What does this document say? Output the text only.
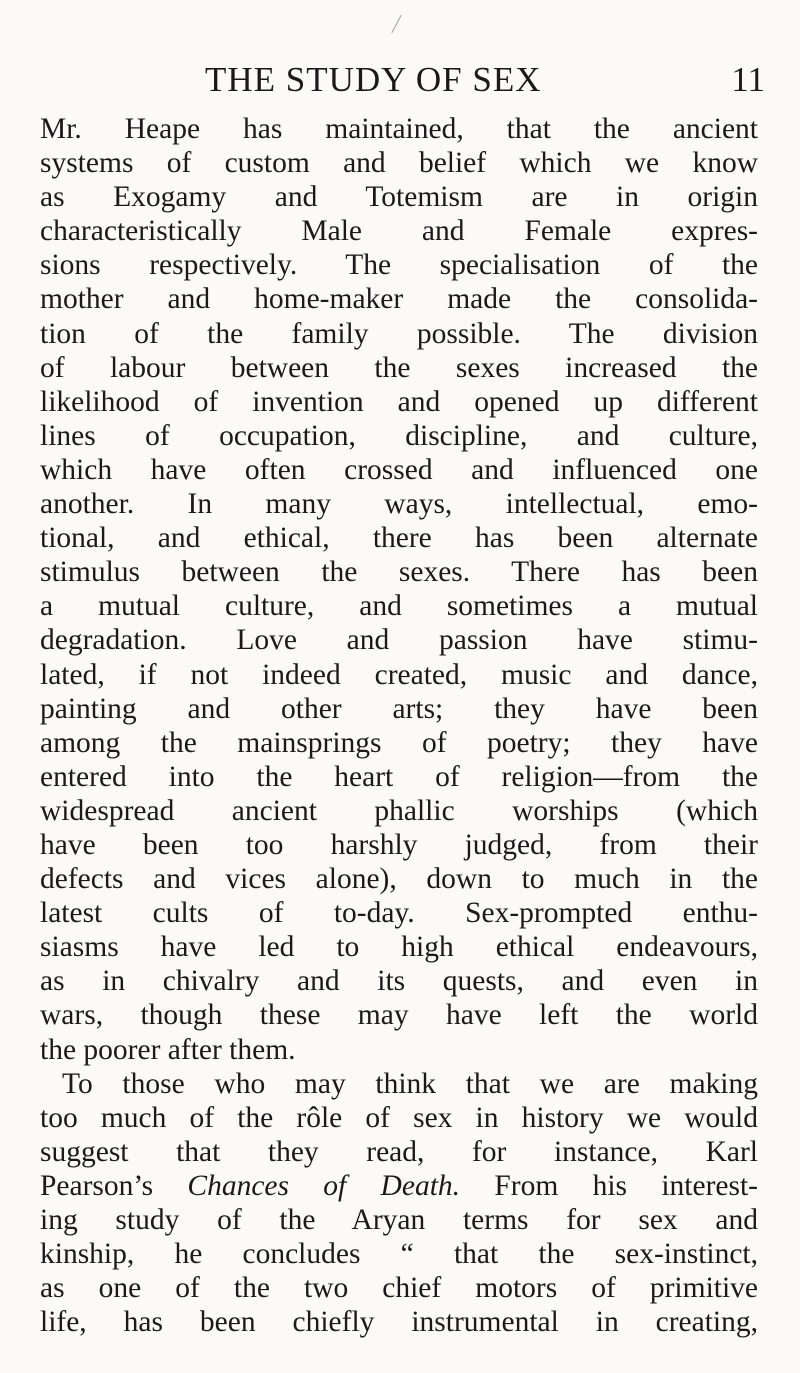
THE STUDY OF SEX	11
Mr. Heape has maintained, that the ancient
systems of custom and belief which we know
as Exogamy and Totemism are in origin
characteristically Male and Female expres-
sions respectively. The specialisation of the
mother and home-maker made the consolida-
tion of the family possible. The division
of labour between the sexes increased the
likelihood of invention and opened up different
lines of occupation, discipline, and culture,
which have often crossed and influenced one
another. In many ways, intellectual, emo-
tional, and ethical, there has been alternate
stimulus between the sexes. There has been
a mutual culture, and sometimes a mutual
degradation. Love and passion have stimu-
lated, if not indeed created, music and dance,
painting and other arts; they have been
among the mainsprings of poetry; they have
entered into the heart of religion—from the
widespread ancient phallic worships (which
have been too harshly judged, from their
defects and vices alone), down to much in the
latest cults of to-day. Sex-prompted enthu-
siasms have led to high ethical endeavours,
as in chivalry and its quests, and even in
wars, though these may have left the world
the poorer after them.
To those who may think that we are making
too much of the rôle of sex in history we would
suggest that they read, for instance, Karl
Pearson’s Chances of Death. From his interest-
ing study of the Aryan terms for sex and
kinship, he concludes “ that the sex-instinct,
as one of the two chief motors of primitive
life, has been chiefly instrumental in creating,
